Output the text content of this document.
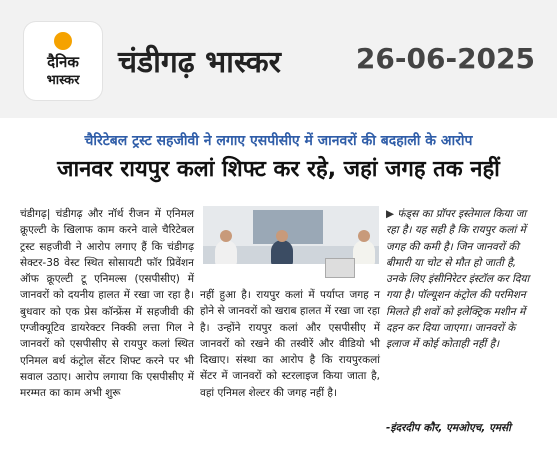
दैनिक
भास्कर
चंडीगढ़ भास्कर	26-06-2025
चैरिटेबल ट्रस्ट सहजीवी ने लगाए एसपीसीए में जानवरों की बदहाली के आरोप
जानवर रायपुर कलां शिफ्ट कर रहे, जहां जगह तक नहीं
चंडीगढ़| चंडीगढ़ और नॉर्थ रीजन में एनिमल क्रूएल्टी के खिलाफ काम करने वाले चैरिटेबल ट्रस्ट सहजीवी ने आरोप लगाए हैं कि चंडीगढ़ सेक्टर-38 वेस्ट स्थित सोसायटी फॉर प्रिवेंशन ऑफ क्रूएल्टी टू एनिमल्स (एसपीसीए) में जानवरों को दयनीय हालत में रखा जा रहा है। बुधवार को एक प्रेस कॉन्फ्रेंस में सहजीवी की एग्जीक्यूटिव डायरेक्टर निक्की लत्ता गिल ने जानवरों को एसपीसीए से रायपुर कलां स्थित एनिमल बर्थ कंट्रोल सेंटर शिफ्ट करने पर भी सवाल उठाए। आरोप लगाया कि एसपीसीए में मरम्मत का काम अभी शुरू
नहीं हुआ है। रायपुर कलां में पर्याप्त जगह न होने से जानवरों को खराब हालत में रखा जा रहा है। उन्होंने रायपुर कलां और एसपीसीए में जानवरों को रखने की तस्वीरें और वीडियो भी दिखाए। संस्था का आरोप है कि रायपुरकलां सेंटर में जानवरों को स्टरलाइज किया जाता है, वहां एनिमल शेल्टर की जगह नहीं है।
▶ फंड्स का प्रॉपर इस्तेमाल किया जा रहा है। यह सही है कि रायपुर कलां में जगह की कमी है। जिन जानवरों की बीमारी या चोट से मौत हो जाती है, उनके लिए इंसीनिरेटर इंस्टॉल कर दिया गया है। पॉल्यूशन कंट्रोल की परमिशन मिलते ही शवों को इलेक्ट्रिक मशीन में दहन कर दिया जाएगा। जानवरों के इलाज में कोई कोताही नहीं है।
-इंदरदीप कौर, एमओएच, एमसी
